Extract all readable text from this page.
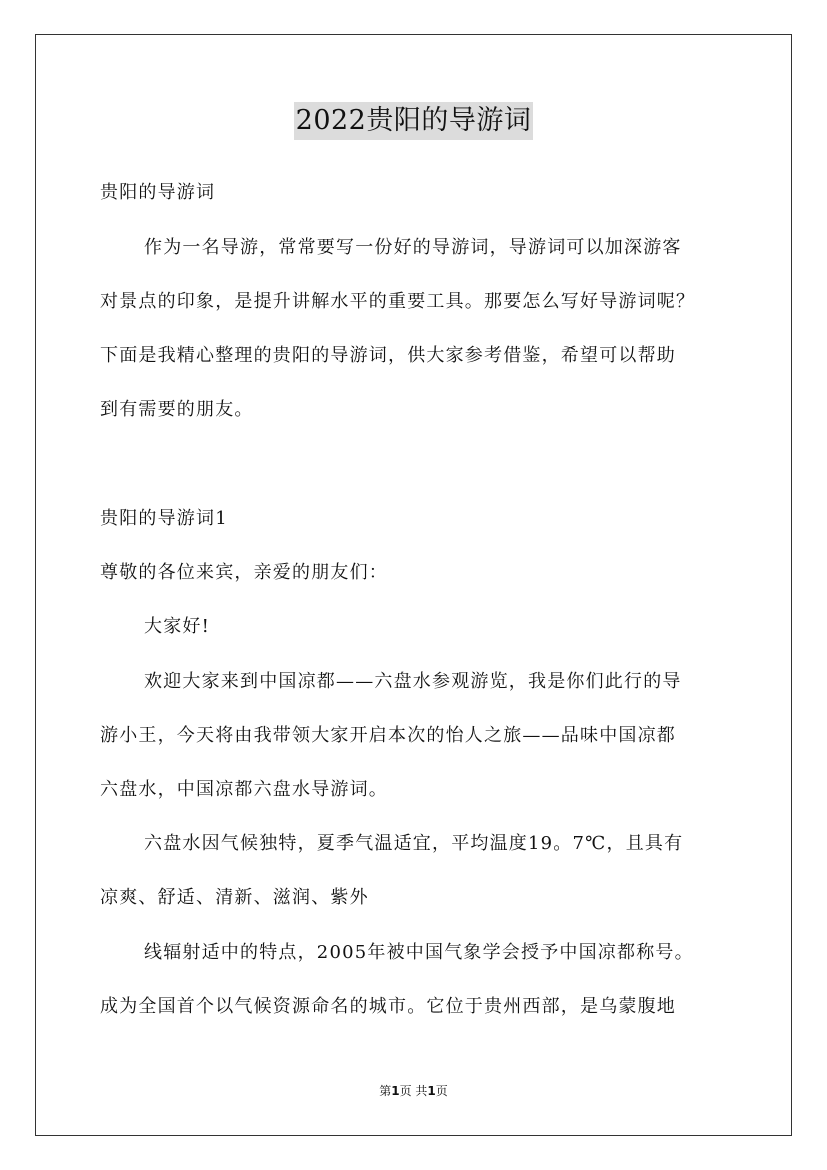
2022贵阳的导游词
贵阳的导游词
作为一名导游，常常要写一份好的导游词，导游词可以加深游客
对景点的印象，是提升讲解水平的重要工具。那要怎么写好导游词呢？
下面是我精心整理的贵阳的导游词，供大家参考借鉴，希望可以帮助
到有需要的朋友。
贵阳的导游词1
尊敬的各位来宾，亲爱的朋友们：
大家好!
欢迎大家来到中国凉都——六盘水参观游览，我是你们此行的导
游小王，今天将由我带领大家开启本次的怡人之旅——品味中国凉都
六盘水，中国凉都六盘水导游词。
六盘水因气候独特，夏季气温适宜，平均温度19。7℃，且具有
凉爽、舒适、清新、滋润、紫外
线辐射适中的特点，2005年被中国气象学会授予中国凉都称号。
成为全国首个以气候资源命名的城市。它位于贵州西部，是乌蒙腹地
第1页 共1页
